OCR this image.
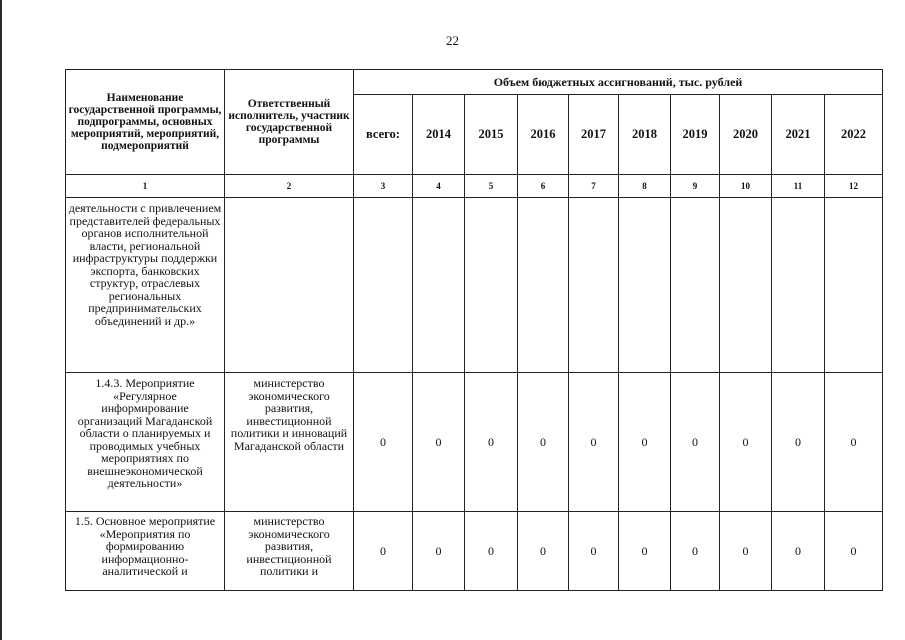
22
Наименование государственной программы, подпрограммы, основных мероприятий, мероприятий, подмероприятий	Ответственный исполнитель, участник государственной программы	Объем бюджетных ассигнований, тыс. рублей									
		всего:	2014	2015	2016	2017	2018	2019	2020	2021	2022
1	2	3	4	5	6	7	8	9	10	11	12
деятельности с привлечением представителей федеральных органов исполнительной власти, региональной инфраструктуры поддержки экспорта, банковских структур, отраслевых региональных предпринимательских объединений и др.»											
1.4.3. Мероприятие «Регулярное информирование организаций Магаданской области о планируемых и проводимых учебных мероприятиях по внешнеэкономической деятельности»	министерство экономического развития, инвестиционной политики и инноваций Магаданской области	0	0	0	0	0	0	0	0	0	0
1.5. Основное мероприятие «Мероприятия по формированию информационно-аналитической и	министерство экономического развития, инвестиционной политики и	0	0	0	0	0	0	0	0	0	0
